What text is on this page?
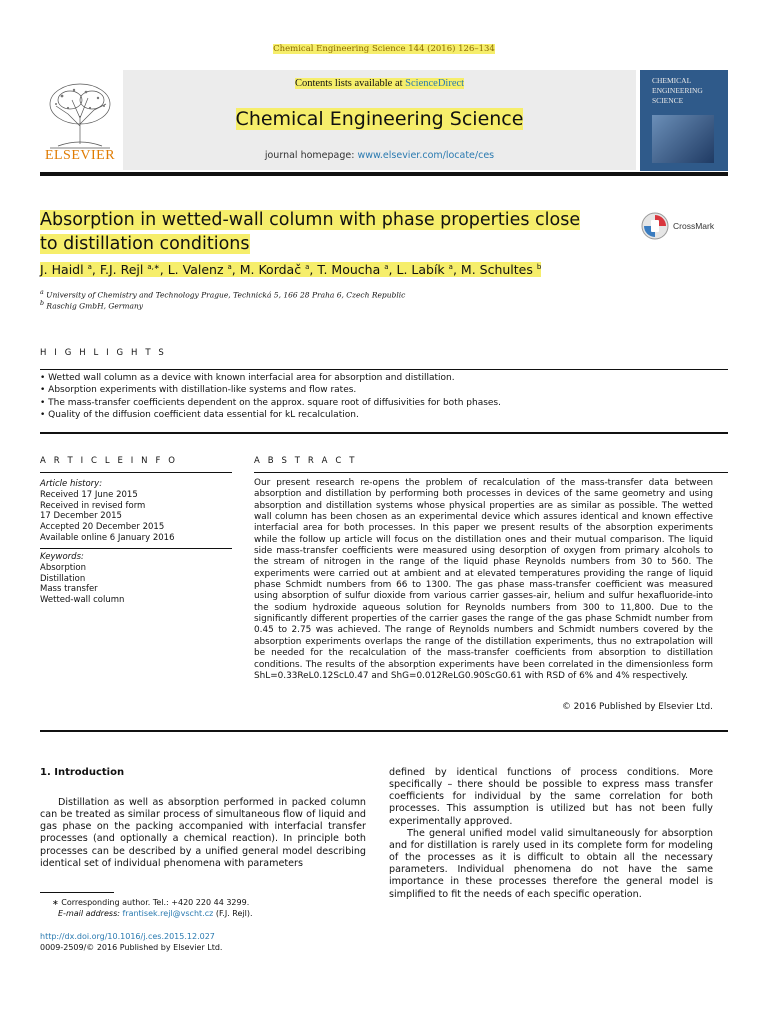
Chemical Engineering Science 144 (2016) 126–134
ELSEVIER
Contents lists available at ScienceDirect
Chemical Engineering Science
journal homepage: www.elsevier.com/locate/ces
CHEMICAL
ENGINEERING
SCIENCE
Absorption in wetted-wall column with phase properties close
to distillation conditions
CrossMark
J. Haidl $^a$, F.J. Rejl $^{a,∗}$, L. Valenz $^a$, M. Kordač $^a$, T. Moucha $^a$, L. Labík $^a$, M. Schultes $^b$
$^a$ University of Chemistry and Technology Prague, Technická 5, 166 28 Praha 6, Czech Republic
$^b$ Raschig GmbH, Germany
H I G H L I G H T S
• Wetted wall column as a device with known interfacial area for absorption and distillation.
• Absorption experiments with distillation-like systems and flow rates.
• The mass-transfer coefficients dependent on the approx. square root of diffusivities for both phases.
• Quality of the diffusion coefficient data essential for kL recalculation.
A R T I C L E I N F O
Article history:
Received 17 June 2015
Received in revised form
17 December 2015
Accepted 20 December 2015
Available online 6 January 2016
Keywords:
Absorption
Distillation
Mass transfer
Wetted-wall column
A B S T R A C T
Our present research re-opens the problem of recalculation of the mass-transfer data between absorption and distillation by performing both processes in devices of the same geometry and using absorption and distillation systems whose physical properties are as similar as possible. The wetted wall column has been chosen as an experimental device which assures identical and known effective interfacial area for both processes. In this paper we present results of the absorption experiments while the follow up article will focus on the distillation ones and their mutual comparison. The liquid side mass-transfer coefficients were measured using desorption of oxygen from primary alcohols to the stream of nitrogen in the range of the liquid phase Reynolds numbers from 30 to 560. The experiments were carried out at ambient and at elevated temperatures providing the range of liquid phase Schmidt numbers from 66 to 1300. The gas phase mass-transfer coefficient was measured using absorption of sulfur dioxide from various carrier gasses-air, helium and sulfur hexafluoride-into the sodium hydroxide aqueous solution for Reynolds numbers from 300 to 11,800. Due to the significantly different properties of the carrier gases the range of the gas phase Schmidt number from 0.45 to 2.75 was achieved. The range of Reynolds numbers and Schmidt numbers covered by the absorption experiments overlaps the range of the distillation experiments, thus no extrapolation will be needed for the recalculation of the mass-transfer coefficients from absorption to distillation conditions. The results of the absorption experiments have been correlated in the dimensionless form ShL=0.33ReL0.12ScL0.47 and ShG=0.012ReLG0.90ScG0.61 with RSD of 6% and 4% respectively.
© 2016 Published by Elsevier Ltd.
1. Introduction

Distillation as well as absorption performed in packed column can be treated as similar process of simultaneous flow of liquid and gas phase on the packing accompanied with interfacial transfer processes (and optionally a chemical reaction). In principle both processes can be described by a unified general model describing identical set of individual phenomena with parameters

defined by identical functions of process conditions. More specifically – there should be possible to express mass transfer coefficients for individual by the same correlation for both processes. This assumption is utilized but has not been fully experimentally approved.

The general unified model valid simultaneously for absorption and for distillation is rarely used in its complete form for modeling of the processes as it is difficult to obtain all the necessary parameters. Individual phenomena do not have the same importance in these processes therefore the general model is simplified to fit the needs of each specific operation.

∗ Corresponding author. Tel.: +420 220 44 3299.
E-mail address: frantisek.rejl@vscht.cz (F.J. Rejl).
http://dx.doi.org/10.1016/j.ces.2015.12.027
0009-2509/© 2016 Published by Elsevier Ltd.
